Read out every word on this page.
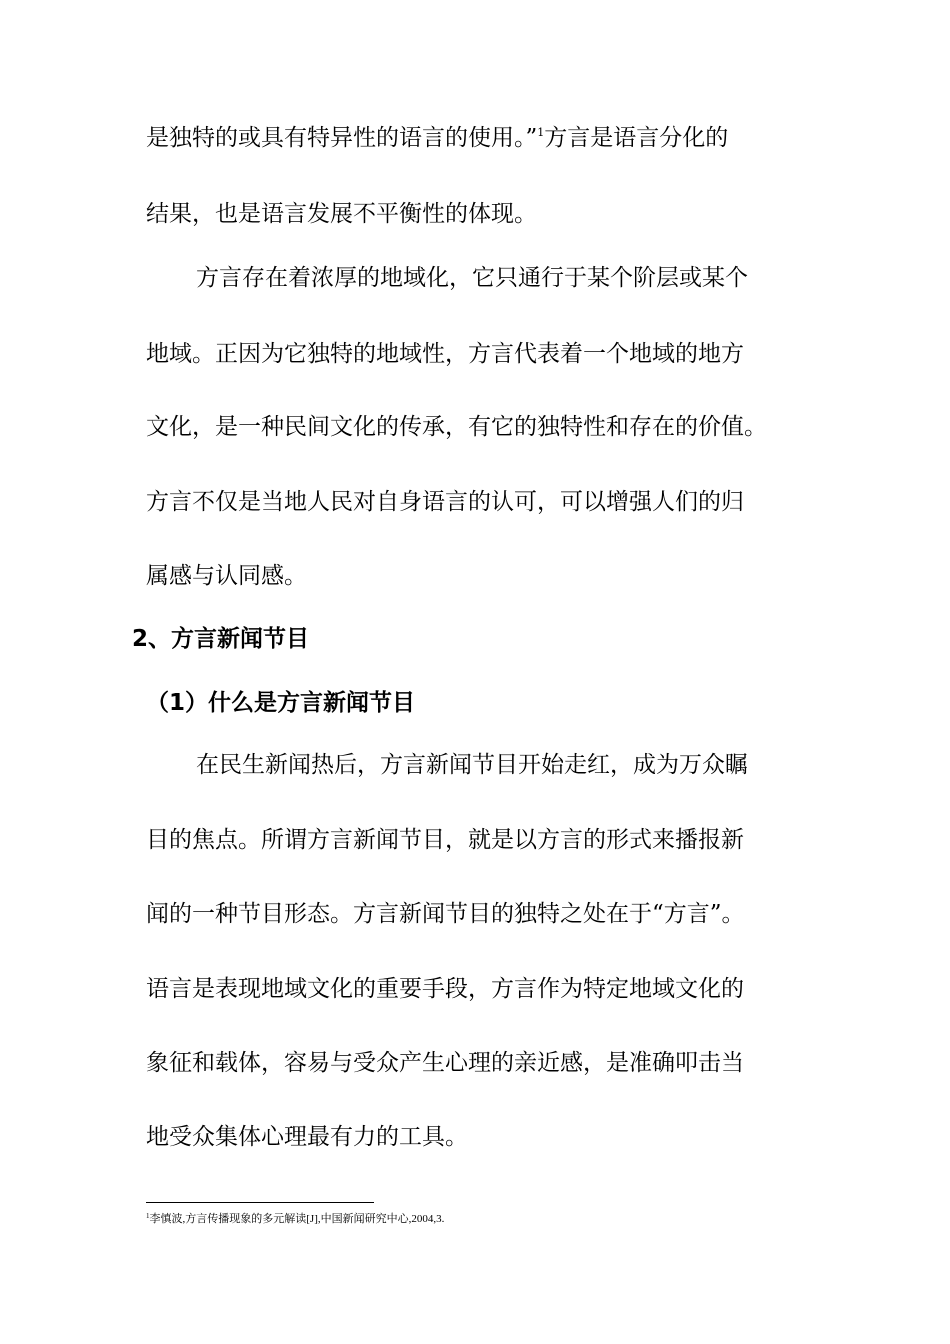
是独特的或具有特异性的语言的使用。”$^1$方言是语言分化的
结果，也是语言发展不平衡性的体现。
方言存在着浓厚的地域化，它只通行于某个阶层或某个
地域。正因为它独特的地域性，方言代表着一个地域的地方
文化，是一种民间文化的传承，有它的独特性和存在的价值。
方言不仅是当地人民对自身语言的认可，可以增强人们的归
属感与认同感。
2、方言新闻节目
（1）什么是方言新闻节目
在民生新闻热后，方言新闻节目开始走红，成为万众瞩
目的焦点。所谓方言新闻节目，就是以方言的形式来播报新
闻的一种节目形态。方言新闻节目的独特之处在于“方言”。
语言是表现地域文化的重要手段，方言作为特定地域文化的
象征和载体，容易与受众产生心理的亲近感，是准确叩击当
地受众集体心理最有力的工具。
$^1$李慎波,方言传播现象的多元解读[J],中国新闻研究中心,2004,3.
